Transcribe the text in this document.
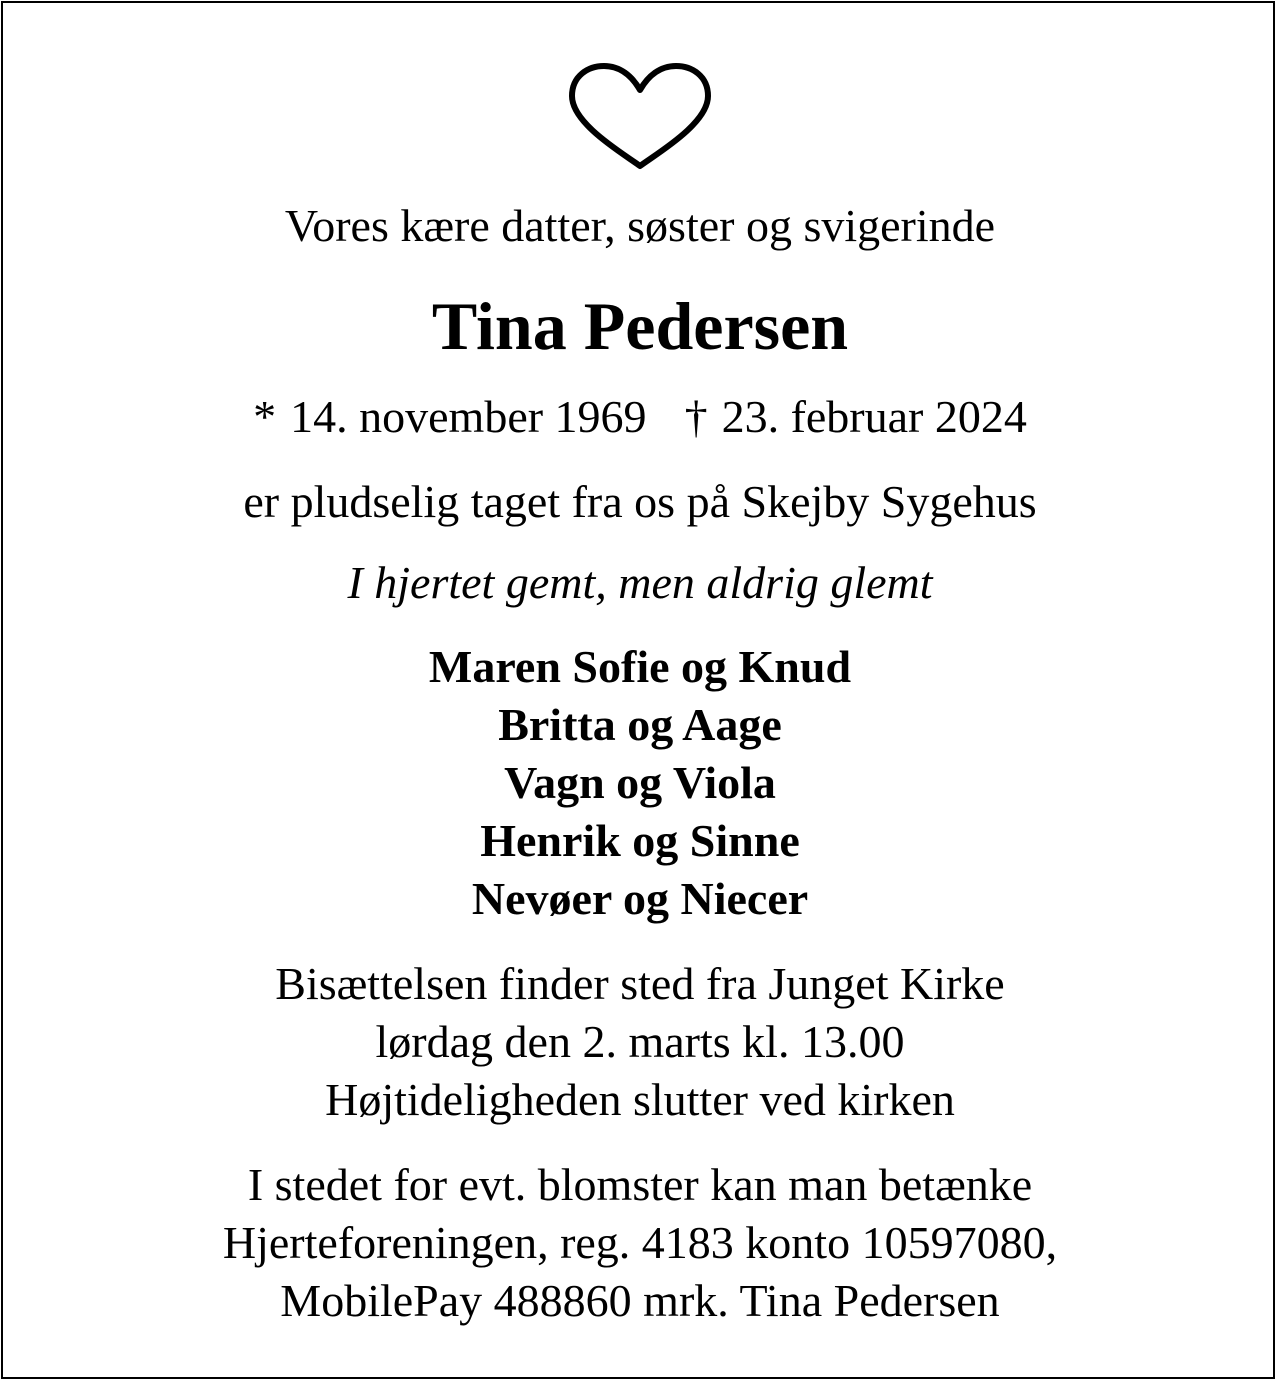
Vores kære datter, søster og svigerinde
Tina Pedersen
* 14. november 1969 † 23. februar 2024
er pludselig taget fra os på Skejby Sygehus
I hjertet gemt, men aldrig glemt
Maren Sofie og Knud
Britta og Aage
Vagn og Viola
Henrik og Sinne
Nevøer og Niecer
Bisættelsen finder sted fra Junget Kirke
lørdag den 2. marts kl. 13.00
Højtideligheden slutter ved kirken
I stedet for evt. blomster kan man betænke
Hjerteforeningen, reg. 4183 konto 10597080,
MobilePay 488860 mrk. Tina Pedersen
